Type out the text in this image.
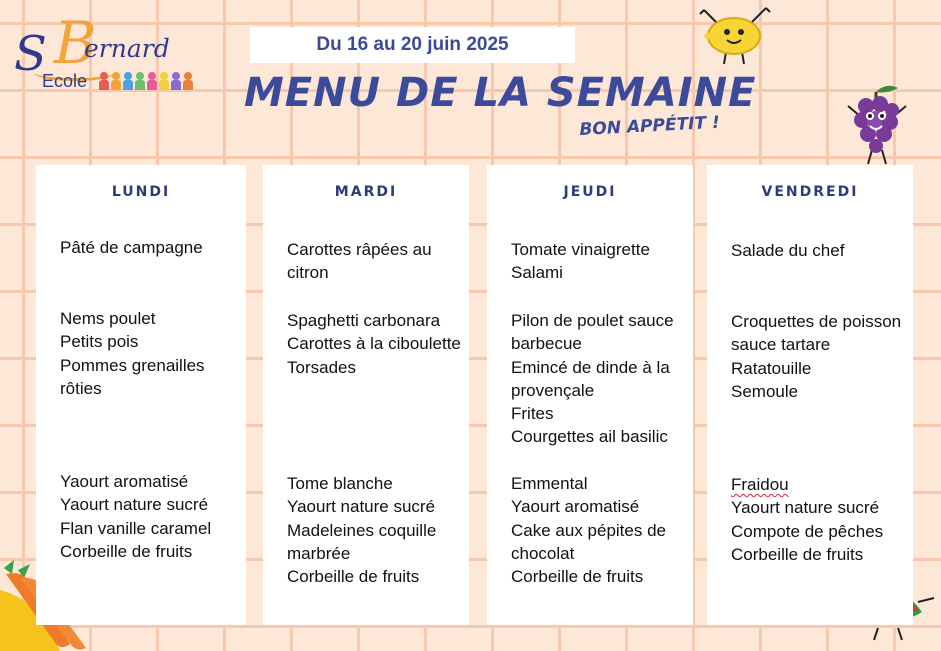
S B
ernard
Ecole
Du 16 au 20 juin 2025
MENU DE LA SEMAINE
BON APPÉTIT !
LUNDI
Pâté de campagne
Nems poulet
Petits pois
Pommes grenailles rôties
Yaourt aromatisé
Yaourt nature sucré
Flan vanille caramel
Corbeille de fruits
MARDI
Carottes râpées au citron
Spaghetti carbonara
Carottes à la ciboulette
Torsades
Tome blanche
Yaourt nature sucré
Madeleines coquille marbrée
Corbeille de fruits
JEUDI
Tomate vinaigrette
Salami
Pilon de poulet sauce barbecue
Emincé de dinde à la provençale
Frites
Courgettes ail basilic
Emmental
Yaourt aromatisé
Cake aux pépites de chocolat
Corbeille de fruits
VENDREDI
Salade du chef
Croquettes de poisson sauce tartare
Ratatouille
Semoule
Fraidou
Yaourt nature sucré
Compote de pêches
Corbeille de fruits
